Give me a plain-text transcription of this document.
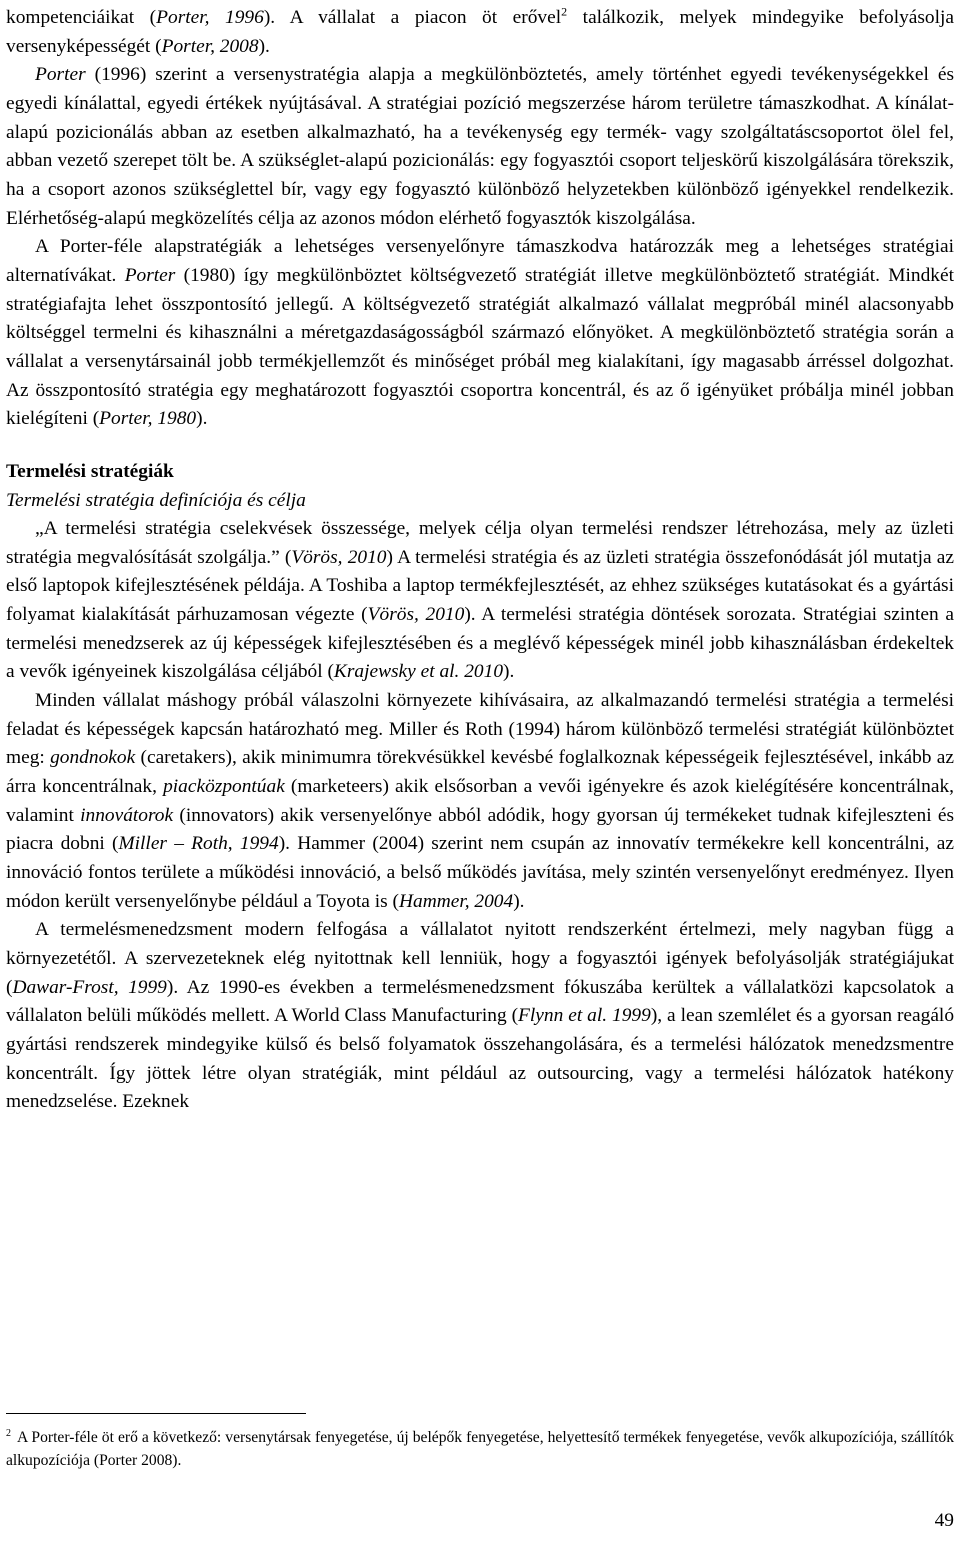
kompetenciáikat (Porter, 1996). A vállalat a piacon öt erővel$^2$ találkozik, melyek mindegyike befolyásolja versenyképességét (Porter, 2008).

Porter (1996) szerint a versenystratégia alapja a megkülönböztetés, amely történhet egyedi tevékenységekkel és egyedi kínálattal, egyedi értékek nyújtásával. A stratégiai pozíció megszerzése három területre támaszkodhat. A kínálat-alapú pozicionálás abban az esetben alkalmazható, ha a tevékenység egy termék- vagy szolgáltatáscsoportot ölel fel, abban vezető szerepet tölt be. A szükséglet-alapú pozicionálás: egy fogyasztói csoport teljeskörű kiszolgálására törekszik, ha a csoport azonos szükséglettel bír, vagy egy fogyasztó különböző helyzetekben különböző igényekkel rendelkezik. Elérhetőség-alapú megközelítés célja az azonos módon elérhető fogyasztók kiszolgálása.

A Porter-féle alapstratégiák a lehetséges versenyelőnyre támaszkodva határozzák meg a lehetséges stratégiai alternatívákat. Porter (1980) így megkülönböztet költségvezető stratégiát illetve megkülönböztető stratégiát. Mindkét stratégiafajta lehet összpontosító jellegű. A költségvezető stratégiát alkalmazó vállalat megpróbál minél alacsonyabb költséggel termelni és kihasználni a méretgazdaságosságból származó előnyöket. A megkülönböztető stratégia során a vállalat a versenytársainál jobb termékjellemzőt és minőséget próbál meg kialakítani, így magasabb árréssel dolgozhat. Az összpontosító stratégia egy meghatározott fogyasztói csoportra koncentrál, és az ő igényüket próbálja minél jobban kielégíteni (Porter, 1980).

Termelési stratégiák

Termelési stratégia definíciója és célja

„A termelési stratégia cselekvések összessége, melyek célja olyan termelési rendszer létrehozása, mely az üzleti stratégia megvalósítását szolgálja.” (Vörös, 2010) A termelési stratégia és az üzleti stratégia összefonódását jól mutatja az első laptopok kifejlesztésének példája. A Toshiba a laptop termékfejlesztését, az ehhez szükséges kutatásokat és a gyártási folyamat kialakítását párhuzamosan végezte (Vörös, 2010). A termelési stratégia döntések sorozata. Stratégiai szinten a termelési menedzserek az új képességek kifejlesztésében és a meglévő képességek minél jobb kihasználásban érdekeltek a vevők igényeinek kiszolgálása céljából (Krajewsky et al. 2010).

Minden vállalat máshogy próbál válaszolni környezete kihívásaira, az alkalmazandó termelési stratégia a termelési feladat és képességek kapcsán határozható meg. Miller és Roth (1994) három különböző termelési stratégiát különböztet meg: gondnokok (caretakers), akik minimumra törekvésükkel kevésbé foglalkoznak képességeik fejlesztésével, inkább az árra koncentrálnak, piacközpontúak (marketeers) akik elsősorban a vevői igényekre és azok kielégítésére koncentrálnak, valamint innovátorok (innovators) akik versenyelőnye abból adódik, hogy gyorsan új termékeket tudnak kifejleszteni és piacra dobni (Miller – Roth, 1994). Hammer (2004) szerint nem csupán az innovatív termékekre kell koncentrálni, az innováció fontos területe a működési innováció, a belső működés javítása, mely szintén versenyelőnyt eredményez. Ilyen módon került versenyelőnybe például a Toyota is (Hammer, 2004).

A termelésmenedzsment modern felfogása a vállalatot nyitott rendszerként értelmezi, mely nagyban függ a környezetétől. A szervezeteknek elég nyitottnak kell lenniük, hogy a fogyasztói igények befolyásolják stratégiájukat (Dawar-Frost, 1999). Az 1990-es években a termelésmenedzsment fókuszába kerültek a vállalatközi kapcsolatok a vállalaton belüli működés mellett. A World Class Manufacturing (Flynn et al. 1999), a lean szemlélet és a gyorsan reagáló gyártási rendszerek mindegyike külső és belső folyamatok összehangolására, és a termelési hálózatok menedzsmentre koncentrált. Így jöttek létre olyan stratégiák, mint például az outsourcing, vagy a termelési hálózatok hatékony menedzselése. Ezeknek

$^2$ A Porter-féle öt erő a következő: versenytársak fenyegetése, új belépők fenyegetése, helyettesítő termékek fenyegetése, vevők alkupozíciója, szállítók alkupozíciója (Porter 2008).

49
